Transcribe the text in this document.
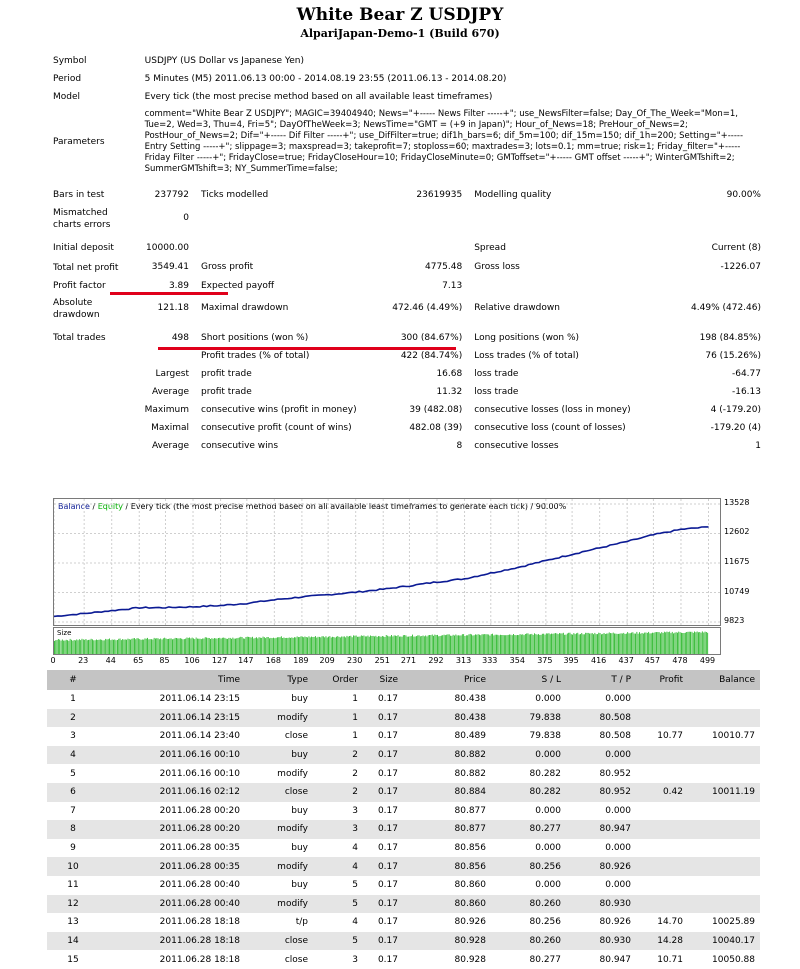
White Bear Z USDJPY
AlpariJapan-Demo-1 (Build 670)
Symbol	USDJPY (US Dollar vs Japanese Yen)				
Period	5 Minutes (M5) 2011.06.13 00:00 - 2014.08.19 23:55 (2011.06.13 - 2014.08.20)				
Model	Every tick (the most precise method based on all available least timeframes)				
Parameters	comment="White Bear Z USDJPY"; MAGIC=39404940; News="+----- News Filter -----+"; use_NewsFilter=false; Day_Of_The_Week="Mon=1, Tue=2, Wed=3, Thu=4, Fri=5"; DayOfTheWeek=3; NewsTime="GMT = (+9 in Japan)"; Hour_of_News=18; PreHour_of_News=2; PostHour_of_News=2; Dif="+----- Dif Filter -----+"; use_DifFilter=true; dif1h_bars=6; dif_5m=100; dif_15m=150; dif_1h=200; Setting="+----- Entry Setting -----+"; slippage=3; maxspread=3; takeprofit=7; stoploss=60; maxtrades=3; lots=0.1; mm=true; risk=1; Friday_filter="+----- Friday Filter -----+"; FridayClose=true; FridayCloseHour=10; FridayCloseMinute=0; GMToffset="+----- GMT offset -----+"; WinterGMTshift=2; SummerGMTshift=3; NY_SummerTime=false;				

Bars in test	237792	Ticks modelled	23619935	Modelling quality	90.00%
Mismatched charts errors	0				

Initial deposit	10000.00			Spread	Current (8)
Total net profit	3549.41	Gross profit	4775.48	Gross loss	-1226.07
Profit factor	3.89	Expected payoff	7.13		
Absolute drawdown	121.18	Maximal drawdown	472.46 (4.49%)	Relative drawdown	4.49% (472.46)

Total trades	498	Short positions (won %)	300 (84.67%)	Long positions (won %)	198 (84.85%)
		Profit trades (% of total)	422 (84.74%)	Loss trades (% of total)	76 (15.26%)
	Largest	profit trade	16.68	loss trade	-64.77
	Average	profit trade	11.32	loss trade	-16.13
	Maximum	consecutive wins (profit in money)	39 (482.08)	consecutive losses (loss in money)	4 (-179.20)
	Maximal	consecutive profit (count of wins)	482.08 (39)	consecutive loss (count of losses)	-179.20 (4)
	Average	consecutive wins	8	consecutive losses	1
Balance / Equity / Every tick (the most precise method based on all available least timeframes to generate each tick) / 90.00%	13528
12602
11675
10749
9823
Size
0	23	44	65	85	106	127	147	168	189	209	230	251	271	292	313	333	354	375	395	416	437	457	478	499
#	Time	Type	Order	Size	Price	S / L	T / P	Profit	Balance
1	2011.06.14 23:15	buy	1	0.17	80.438	0.000	0.000		
2	2011.06.14 23:15	modify	1	0.17	80.438	79.838	80.508		
3	2011.06.14 23:40	close	1	0.17	80.489	79.838	80.508	10.77	10010.77
4	2011.06.16 00:10	buy	2	0.17	80.882	0.000	0.000		
5	2011.06.16 00:10	modify	2	0.17	80.882	80.282	80.952		
6	2011.06.16 02:12	close	2	0.17	80.884	80.282	80.952	0.42	10011.19
7	2011.06.28 00:20	buy	3	0.17	80.877	0.000	0.000		
8	2011.06.28 00:20	modify	3	0.17	80.877	80.277	80.947		
9	2011.06.28 00:35	buy	4	0.17	80.856	0.000	0.000		
10	2011.06.28 00:35	modify	4	0.17	80.856	80.256	80.926		
11	2011.06.28 00:40	buy	5	0.17	80.860	0.000	0.000		
12	2011.06.28 00:40	modify	5	0.17	80.860	80.260	80.930		
13	2011.06.28 18:18	t/p	4	0.17	80.926	80.256	80.926	14.70	10025.89
14	2011.06.28 18:18	close	5	0.17	80.928	80.260	80.930	14.28	10040.17
15	2011.06.28 18:18	close	3	0.17	80.928	80.277	80.947	10.71	10050.88
